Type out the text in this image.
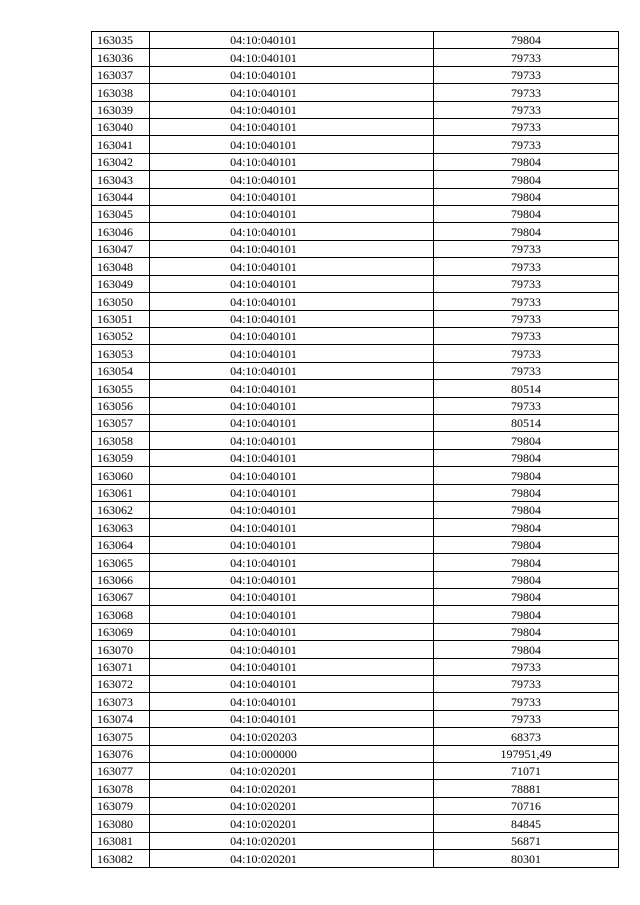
163035	04:10:040101	79804
163036	04:10:040101	79733
163037	04:10:040101	79733
163038	04:10:040101	79733
163039	04:10:040101	79733
163040	04:10:040101	79733
163041	04:10:040101	79733
163042	04:10:040101	79804
163043	04:10:040101	79804
163044	04:10:040101	79804
163045	04:10:040101	79804
163046	04:10:040101	79804
163047	04:10:040101	79733
163048	04:10:040101	79733
163049	04:10:040101	79733
163050	04:10:040101	79733
163051	04:10:040101	79733
163052	04:10:040101	79733
163053	04:10:040101	79733
163054	04:10:040101	79733
163055	04:10:040101	80514
163056	04:10:040101	79733
163057	04:10:040101	80514
163058	04:10:040101	79804
163059	04:10:040101	79804
163060	04:10:040101	79804
163061	04:10:040101	79804
163062	04:10:040101	79804
163063	04:10:040101	79804
163064	04:10:040101	79804
163065	04:10:040101	79804
163066	04:10:040101	79804
163067	04:10:040101	79804
163068	04:10:040101	79804
163069	04:10:040101	79804
163070	04:10:040101	79804
163071	04:10:040101	79733
163072	04:10:040101	79733
163073	04:10:040101	79733
163074	04:10:040101	79733
163075	04:10:020203	68373
163076	04:10:000000	197951,49
163077	04:10:020201	71071
163078	04:10:020201	78881
163079	04:10:020201	70716
163080	04:10:020201	84845
163081	04:10:020201	56871
163082	04:10:020201	80301
